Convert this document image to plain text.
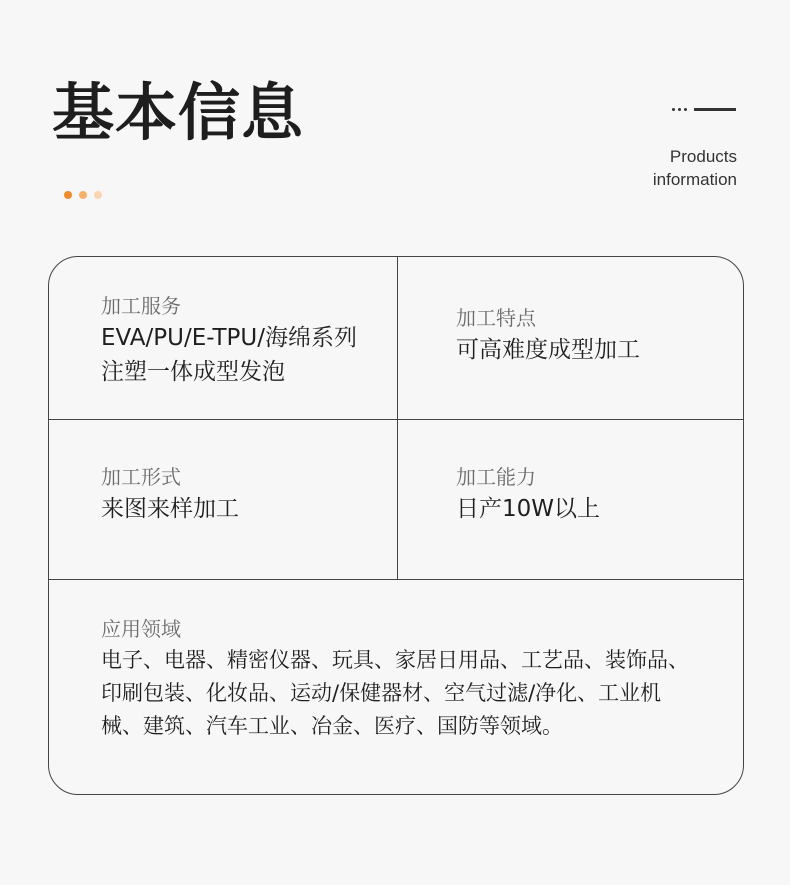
基本信息
Products
information
加工服务
EVA/PU/E-TPU/海绵系列
注塑一体成型发泡
加工特点
可高难度成型加工
加工形式
来图来样加工
加工能力
日产10W以上
应用领域
电子、电器、精密仪器、玩具、家居日用品、工艺品、装饰品、印刷包装、化妆品、运动/保健器材、空气过滤/净化、工业机械、建筑、汽车工业、冶金、医疗、国防等领域。
